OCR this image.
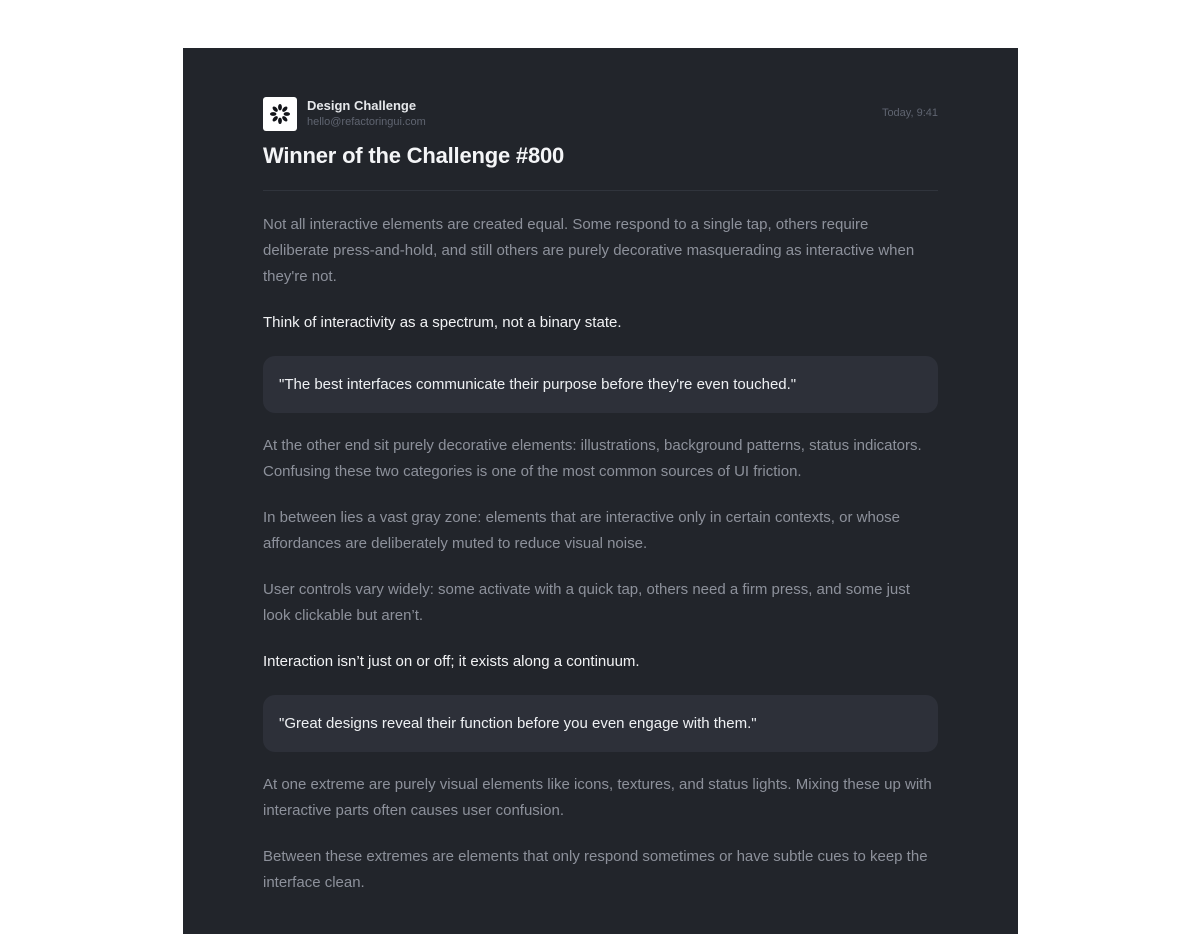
Design Challenge
hello@refactoringui.com
Today, 9:41
Winner of the Challenge #800

Not all interactive elements are created equal. Some respond to a single tap, others require deliberate press-and-hold, and still others are purely decorative masquerading as interactive when they're not.

Think of interactivity as a spectrum, not a binary state.

"The best interfaces communicate their purpose before they're even touched."

At the other end sit purely decorative elements: illustrations, background patterns, status indicators. Confusing these two categories is one of the most common sources of UI friction.

In between lies a vast gray zone: elements that are interactive only in certain contexts, or whose affordances are deliberately muted to reduce visual noise.

User controls vary widely: some activate with a quick tap, others need a firm press, and some just look clickable but aren’t.

Interaction isn’t just on or off; it exists along a continuum.

"Great designs reveal their function before you even engage with them."

At one extreme are purely visual elements like icons, textures, and status lights. Mixing these up with interactive parts often causes user confusion.

Between these extremes are elements that only respond sometimes or have subtle cues to keep the interface clean.
